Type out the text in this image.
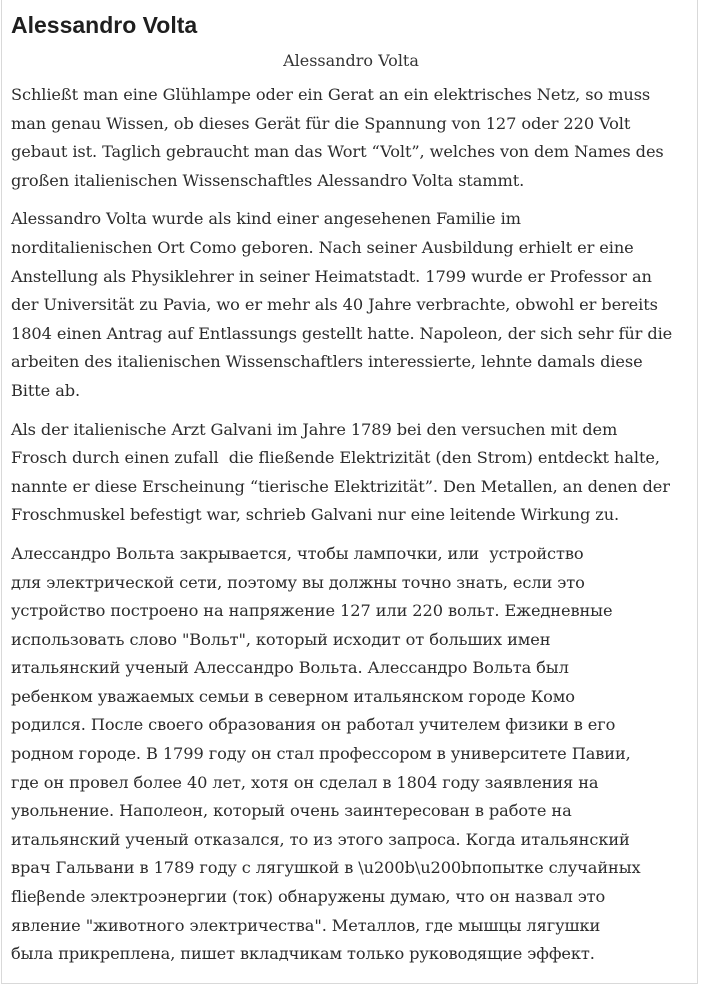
Alessandro Volta
Alessandro Volta

Schließt man eine Glühlampe oder ein Gerat an ein elektrisches Netz, so muss
man genau Wissen, ob dieses Gerät für die Spannung von 127 oder 220 Volt
gebaut ist. Taglich gebraucht man das Wort “Volt”, welches von dem Names des
großen italienischen Wissenschaftles Alessandro Volta stammt.

Alessandro Volta wurde als kind einer angesehenen Familie im
norditalienischen Ort Como geboren. Nach seiner Ausbildung erhielt er eine
Anstellung als Physiklehrer in seiner Heimatstadt. 1799 wurde er Professor an
der Universität zu Pavia, wo er mehr als 40 Jahre verbrachte, obwohl er bereits
1804 einen Antrag auf Entlassungs gestellt hatte. Napoleon, der sich sehr für die
arbeiten des italienischen Wissenschaftlers interessierte, lehnte damals diese
Bitte ab.

Als der italienische Arzt Galvani im Jahre 1789 bei den versuchen mit dem
Frosch durch einen zufall  die fließende Elektrizität (den Strom) entdeckt halte,
nannte er diese Erscheinung “tierische Elektrizität”. Den Metallen, an denen der
Froschmuskel befestigt war, schrieb Galvani nur eine leitende Wirkung zu.

Алессандро Вольта закрывается, чтобы лампочки, или  устройство
для электрической сети, поэтому вы должны точно знать, если это
устройство построено на напряжение 127 или 220 вольт. Ежедневные
использовать слово "Вольт", который исходит от больших имен
итальянский ученый Алессандро Вольта. Алессандро Вольта был
ребенком уважаемых семьи в северном итальянском городе Комо
родился. После своего образования он работал учителем физики в его
родном городе. В 1799 году он стал профессором в университете Павии,
где он провел более 40 лет, хотя он сделал в 1804 году заявления на
увольнение. Наполеон, который очень заинтересован в работе на
итальянский ученый отказался, то из этого запроса. Когда итальянский
врач Гальвани в 1789 году с лягушкой в \u200b\u200bпопытке случайных
flieβende электроэнергии (ток) обнаружены думаю, что он назвал это
явление "животного электричества". Металлов, где мышцы лягушки
была прикреплена, пишет вкладчикам только руководящие эффект.
